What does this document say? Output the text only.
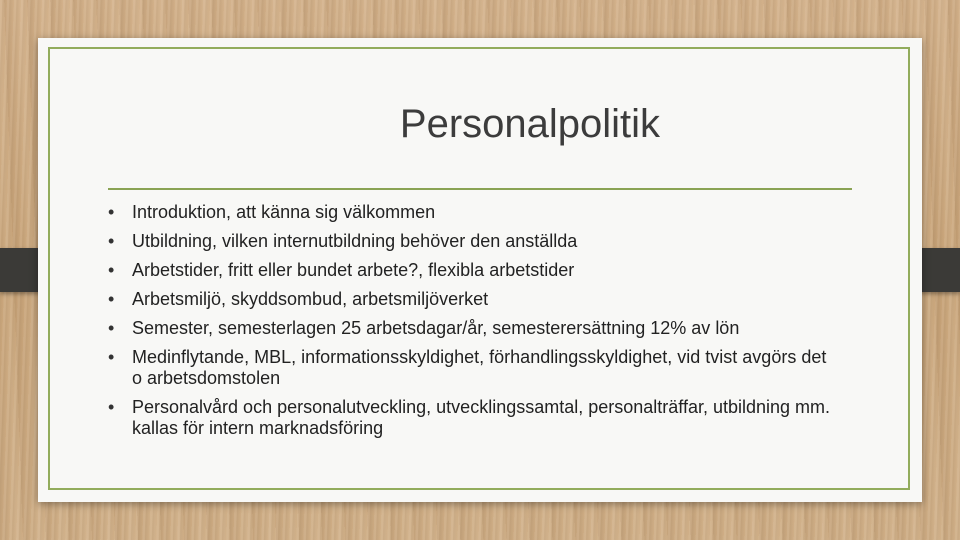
Personalpolitik
• Introduktion, att känna sig välkommen
• Utbildning, vilken internutbildning behöver den anställda
• Arbetstider, fritt eller bundet arbete?, flexibla arbetstider
• Arbetsmiljö, skyddsombud, arbetsmiljöverket
• Semester, semesterlagen 25 arbetsdagar/år, semesterersättning 12% av lön
• Medinflytande, MBL, informationsskyldighet, förhandlingsskyldighet, vid tvist avgörs det o arbetsdomstolen
• Personalvård och personalutveckling, utvecklingssamtal, personalträffar, utbildning mm. kallas för intern marknadsföring
